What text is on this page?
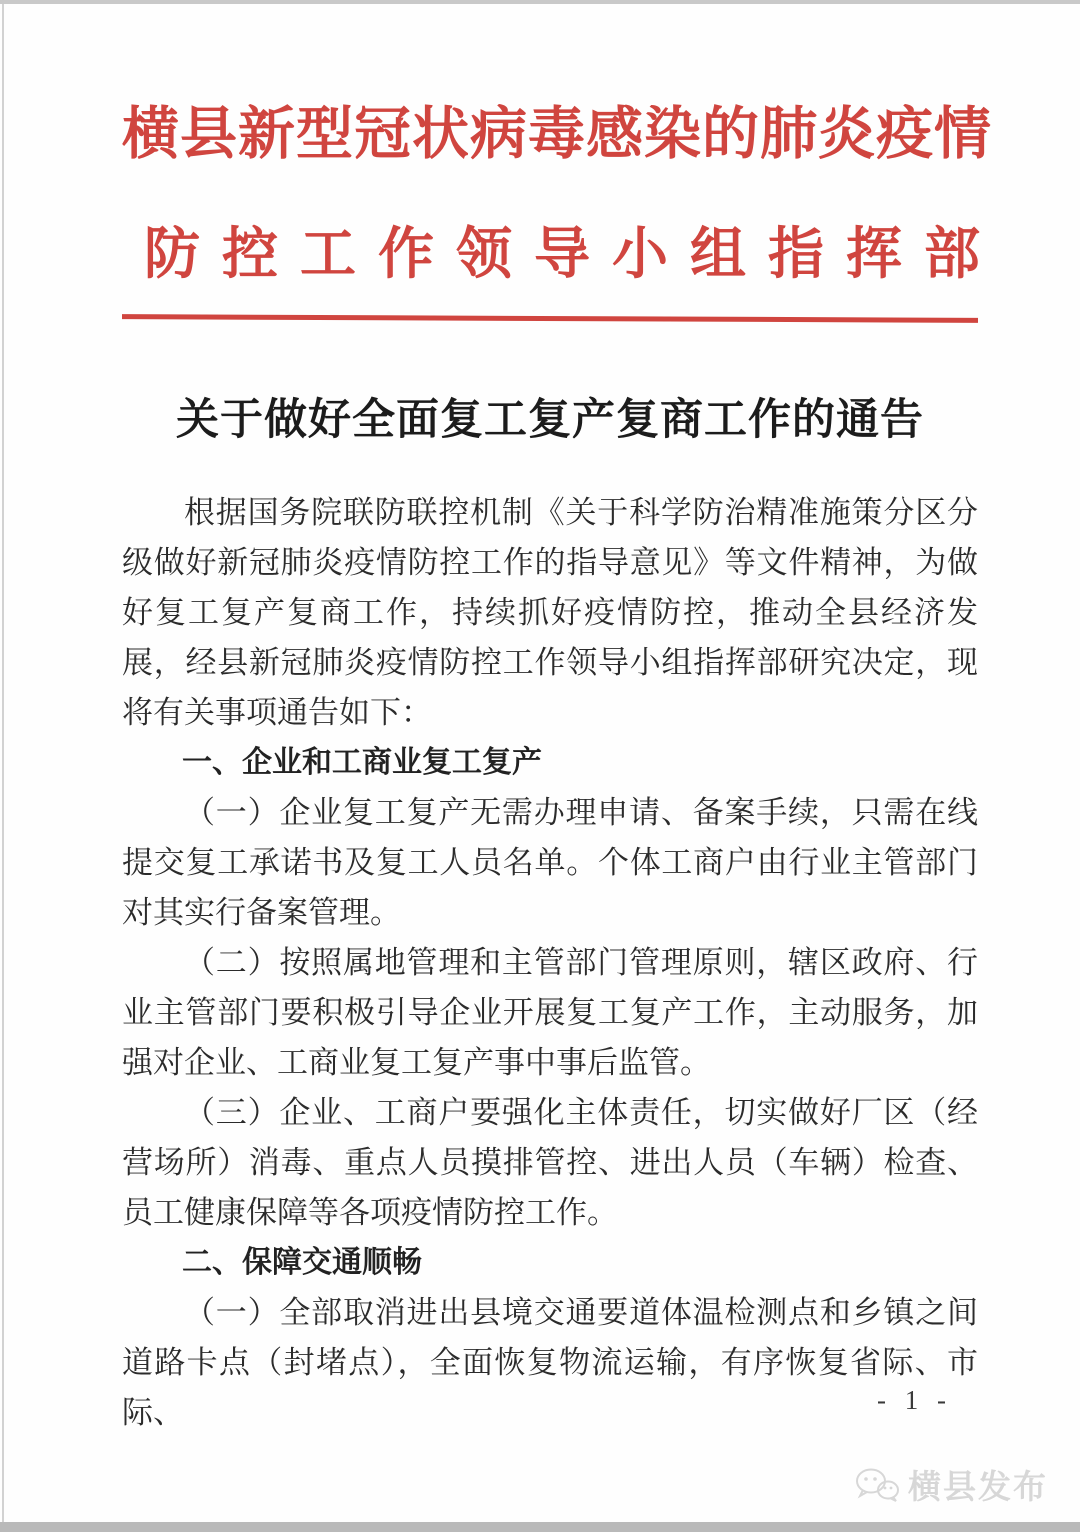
横县新型冠状病毒感染的肺炎疫情
防控工作领导小组指挥部
关于做好全面复工复产复商工作的通告

根据国务院联防联控机制《关于科学防治精准施策分区分级做好新冠肺炎疫情防控工作的指导意见》等文件精神，为做好复工复产复商工作，持续抓好疫情防控，推动全县经济发展，经县新冠肺炎疫情防控工作领导小组指挥部研究决定，现将有关事项通告如下：

一、企业和工商业复工复产

（一）企业复工复产无需办理申请、备案手续，只需在线提交复工承诺书及复工人员名单。个体工商户由行业主管部门对其实行备案管理。

（二）按照属地管理和主管部门管理原则，辖区政府、行业主管部门要积极引导企业开展复工复产工作，主动服务，加强对企业、工商业复工复产事中事后监管。

（三）企业、工商户要强化主体责任，切实做好厂区（经营场所）消毒、重点人员摸排管控、进出人员（车辆）检查、员工健康保障等各项疫情防控工作。

二、保障交通顺畅

（一）全部取消进出县境交通要道体温检测点和乡镇之间道路卡点（封堵点），全面恢复物流运输，有序恢复省际、市际、	- 1 -
横县发布
